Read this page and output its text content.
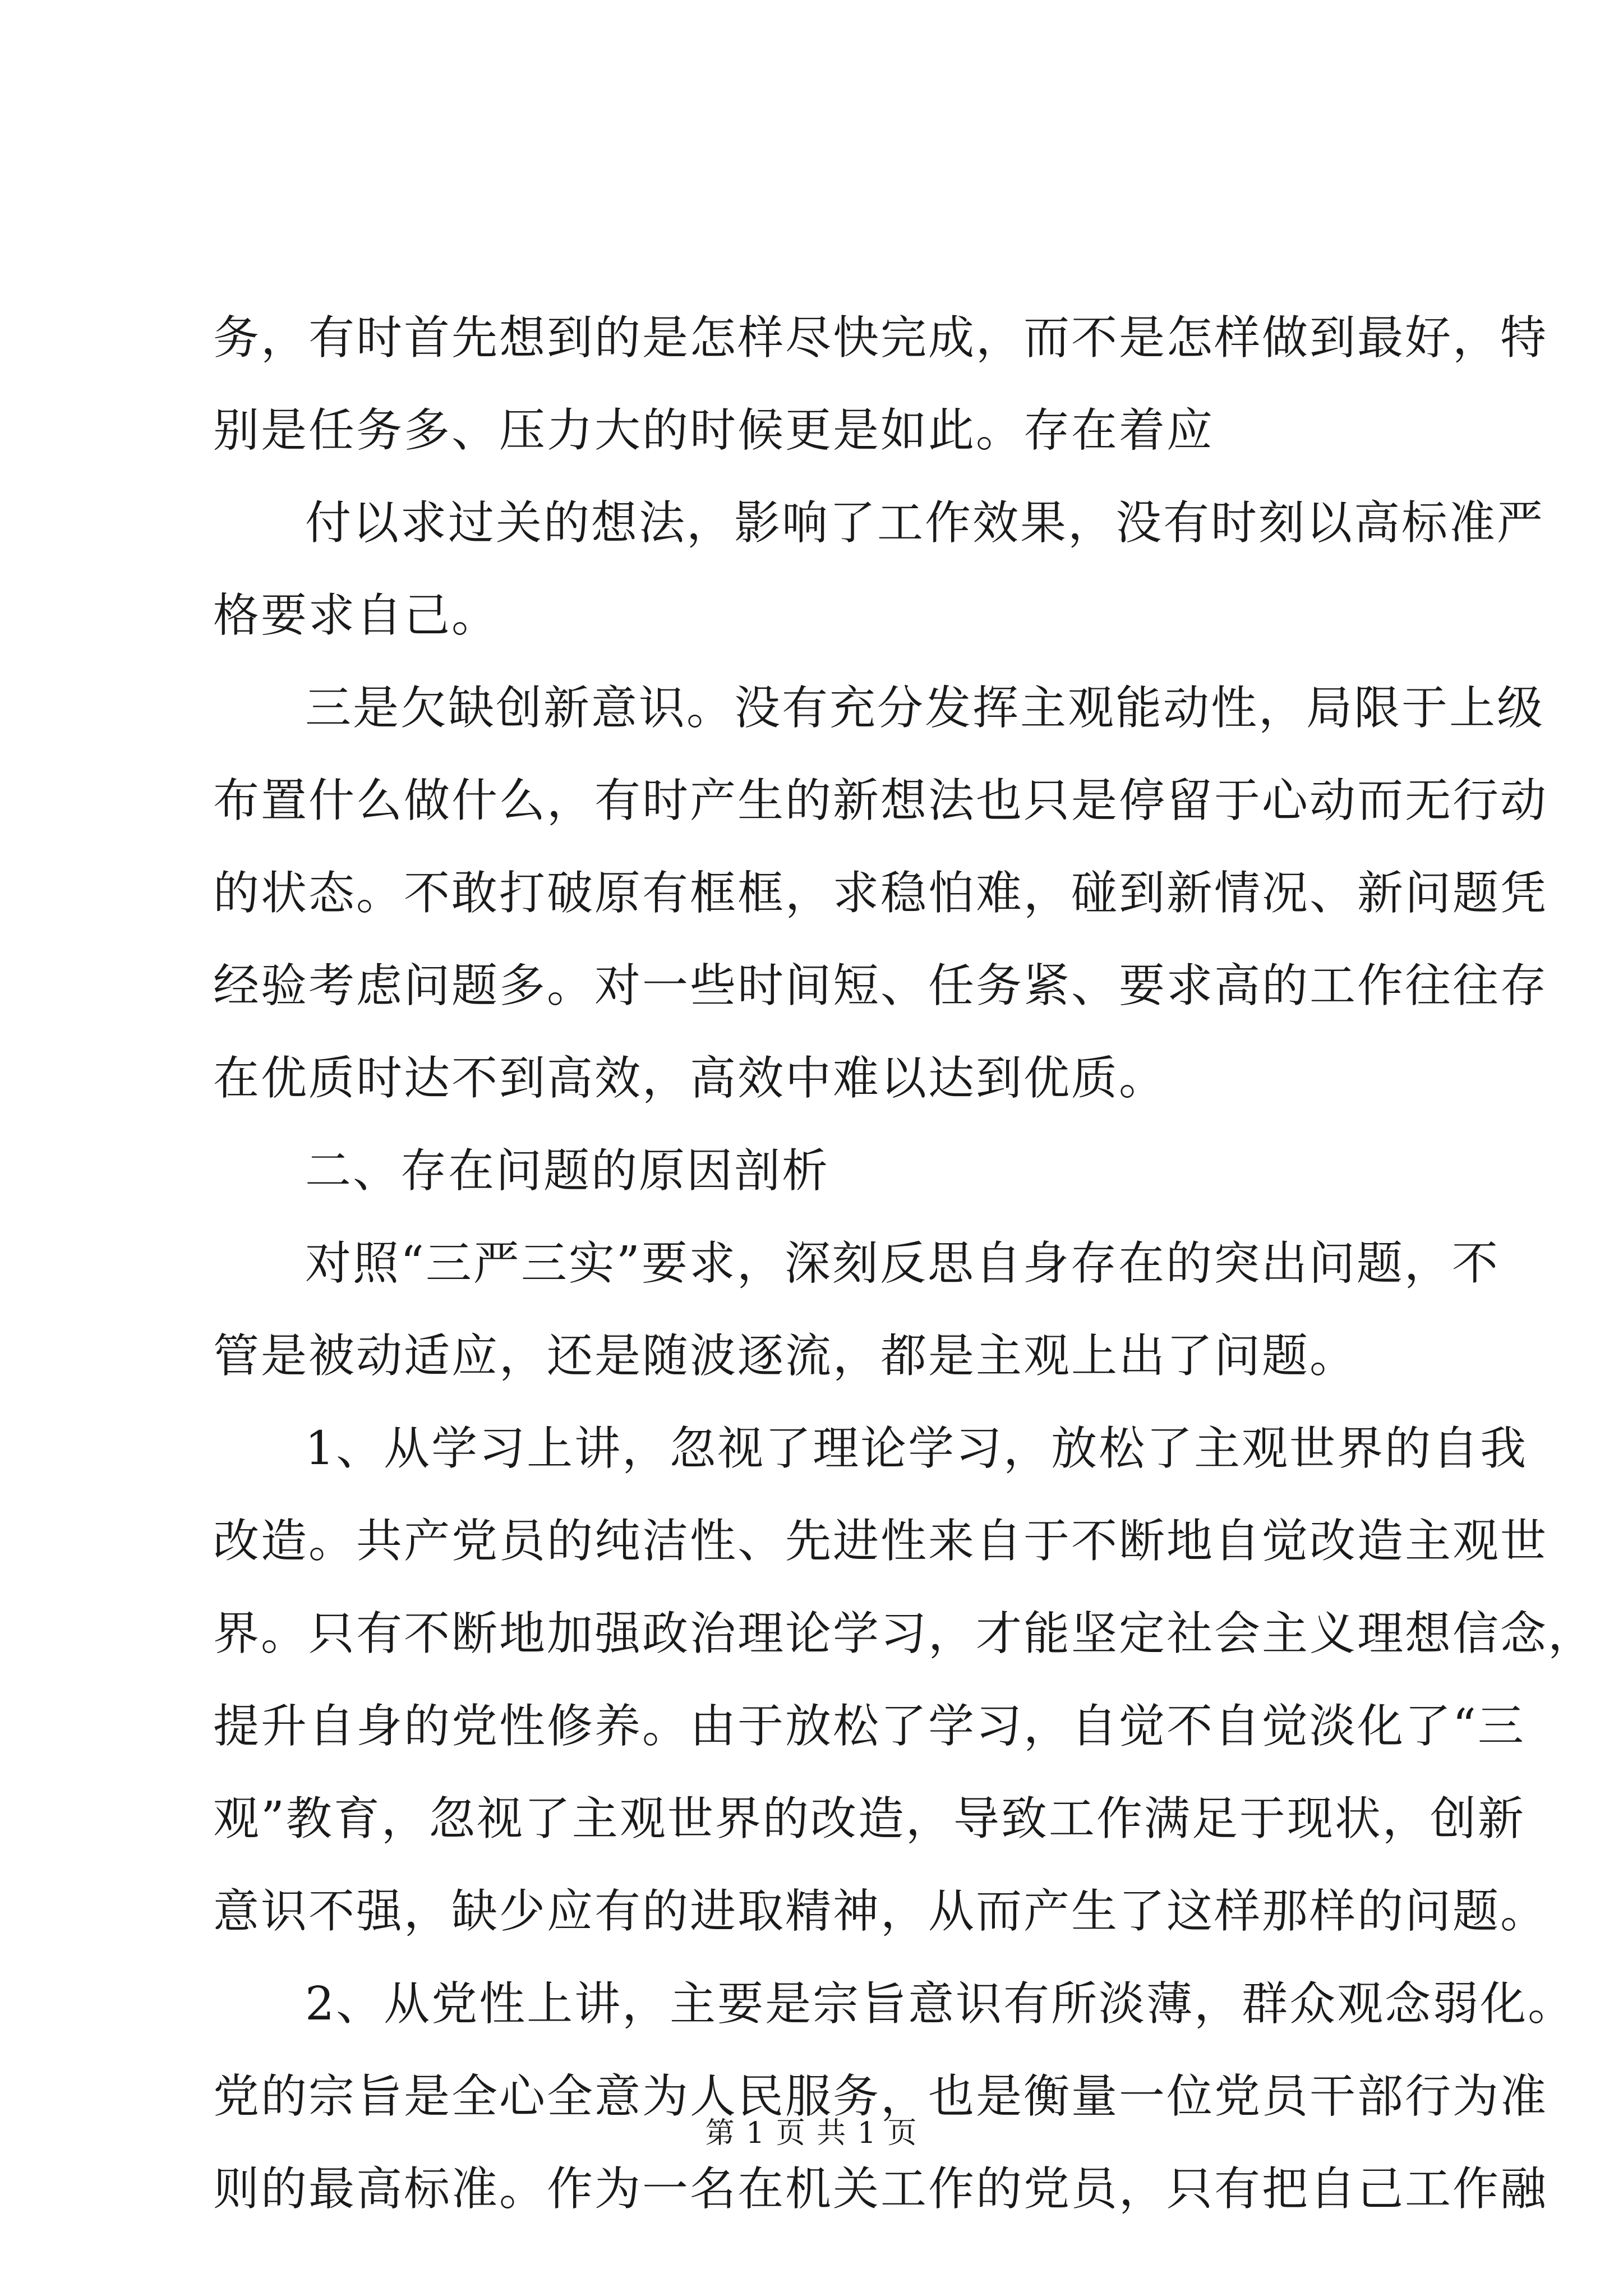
务，有时首先想到的是怎样尽快完成，而不是怎样做到最好，特
别是任务多、压力大的时候更是如此。存在着应
付以求过关的想法，影响了工作效果，没有时刻以高标准严
格要求自己。
三是欠缺创新意识。没有充分发挥主观能动性，局限于上级
布置什么做什么，有时产生的新想法也只是停留于心动而无行动
的状态。不敢打破原有框框，求稳怕难，碰到新情况、新问题凭
经验考虑问题多。对一些时间短、任务紧、要求高的工作往往存
在优质时达不到高效，高效中难以达到优质。
二、存在问题的原因剖析
对照“三严三实”要求，深刻反思自身存在的突出问题，不
管是被动适应，还是随波逐流，都是主观上出了问题。
1、从学习上讲，忽视了理论学习，放松了主观世界的自我
改造。共产党员的纯洁性、先进性来自于不断地自觉改造主观世
界。只有不断地加强政治理论学习，才能坚定社会主义理想信念，
提升自身的党性修养。由于放松了学习，自觉不自觉淡化了“三
观”教育，忽视了主观世界的改造，导致工作满足于现状，创新
意识不强，缺少应有的进取精神，从而产生了这样那样的问题。
2、从党性上讲，主要是宗旨意识有所淡薄，群众观念弱化。
党的宗旨是全心全意为人民服务，也是衡量一位党员干部行为准
则的最高标准。作为一名在机关工作的党员，只有把自己工作融
第 1 页 共 1 页
